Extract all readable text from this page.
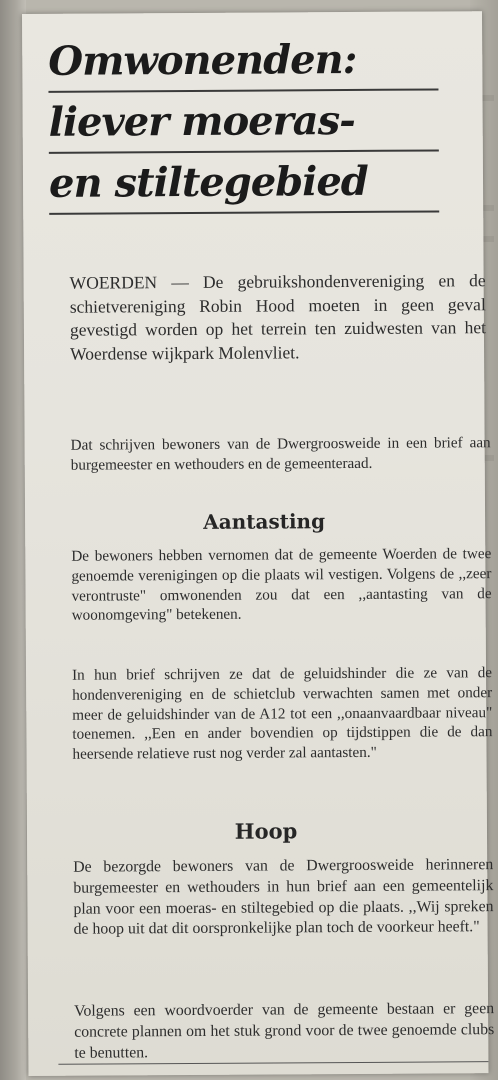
Omwonenden:
liever moeras-
en stiltegebied

WOERDEN — De gebruikshondenvereniging en de schietvereniging Robin Hood moeten in geen geval gevestigd worden op het terrein ten zuidwesten van het Woerdense wijkpark Molenvliet.

Dat schrijven bewoners van de Dwergroosweide in een brief aan burgemeester en wethouders en de gemeenteraad.

Aantasting

De bewoners hebben vernomen dat de gemeente Woerden de twee genoemde verenigingen op die plaats wil vestigen. Volgens de ,,zeer verontruste" omwonenden zou dat een ,,aantasting van de woonomgeving" betekenen.

In hun brief schrijven ze dat de geluidshinder die ze van de hondenvereniging en de schietclub verwachten samen met onder meer de geluidshinder van de A12 tot een ,,onaanvaardbaar niveau" toenemen. ,,Een en ander bovendien op tijdstippen die de dan heersende relatieve rust nog verder zal aantasten."

Hoop

De bezorgde bewoners van de Dwergroosweide herinneren burgemeester en wethouders in hun brief aan een gemeentelijk plan voor een moeras- en stiltegebied op die plaats. ,,Wij spreken de hoop uit dat dit oorspronkelijke plan toch de voorkeur heeft."

Volgens een woordvoerder van de gemeente bestaan er geen concrete plannen om het stuk grond voor de twee genoemde clubs te benutten.
